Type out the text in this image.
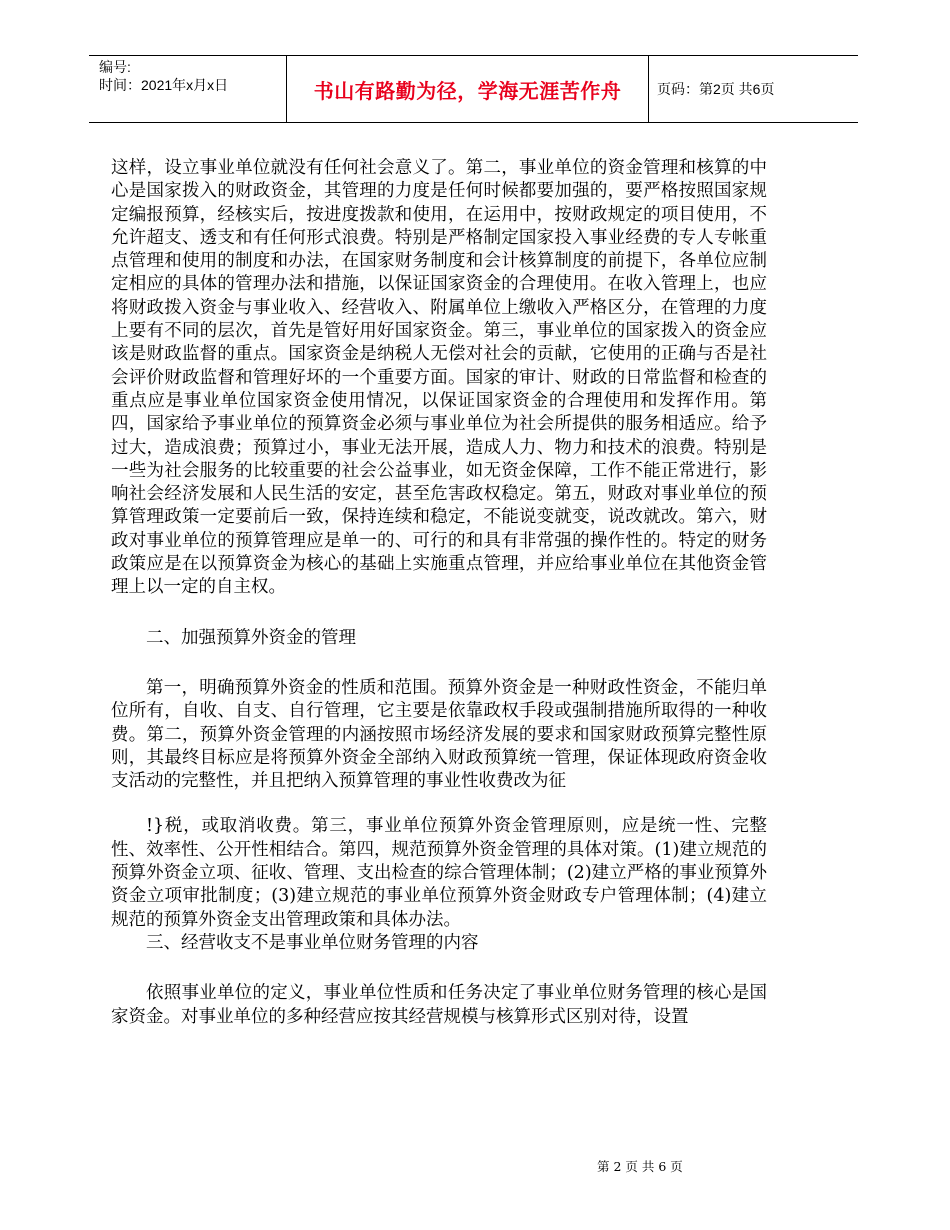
编号:
时间：2021年x月x日	书山有路勤为径，学海无涯苦作舟	页码：第2页 共6页

这样，设立事业单位就没有任何社会意义了。第二，事业单位的资金管理和核算的中心是国家拨入的财政资金，其管理的力度是任何时候都要加强的，要严格按照国家规定编报预算，经核实后，按进度拨款和使用，在运用中，按财政规定的项目使用，不允许超支、透支和有任何形式浪费。特别是严格制定国家投入事业经费的专人专帐重点管理和使用的制度和办法，在国家财务制度和会计核算制度的前提下，各单位应制定相应的具体的管理办法和措施，以保证国家资金的合理使用。在收入管理上，也应将财政拨入资金与事业收入、经营收入、附属单位上缴收入严格区分，在管理的力度上要有不同的层次，首先是管好用好国家资金。第三，事业单位的国家拨入的资金应该是财政监督的重点。国家资金是纳税人无偿对社会的贡献，它使用的正确与否是社会评价财政监督和管理好坏的一个重要方面。国家的审计、财政的日常监督和检查的重点应是事业单位国家资金使用情况，以保证国家资金的合理使用和发挥作用。第四，国家给予事业单位的预算资金必须与事业单位为社会所提供的服务相适应。给予过大，造成浪费；预算过小，事业无法开展，造成人力、物力和技术的浪费。特别是一些为社会服务的比较重要的社会公益事业，如无资金保障，工作不能正常进行，影响社会经济发展和人民生活的安定，甚至危害政权稳定。第五，财政对事业单位的预算管理政策一定要前后一致，保持连续和稳定，不能说变就变，说改就改。第六，财政对事业单位的预算管理应是单一的、可行的和具有非常强的操作性的。特定的财务政策应是在以预算资金为核心的基础上实施重点管理，并应给事业单位在其他资金管理上以一定的自主权。

二、加强预算外资金的管理

第一，明确预算外资金的性质和范围。预算外资金是一种财政性资金，不能归单位所有，自收、自支、自行管理，它主要是依靠政权手段或强制措施所取得的一种收费。第二，预算外资金管理的内涵按照市场经济发展的要求和国家财政预算完整性原则，其最终目标应是将预算外资金全部纳入财政预算统一管理，保证体现政府资金收支活动的完整性，并且把纳入预算管理的事业性收费改为征

!}税，或取消收费。第三，事业单位预算外资金管理原则，应是统一性、完整性、效率性、公开性相结合。第四，规范预算外资金管理的具体对策。(1)建立规范的预算外资金立项、征收、管理、支出检查的综合管理体制；(2)建立严格的事业预算外资金立项审批制度；(3)建立规范的事业单位预算外资金财政专户管理体制；(4)建立规范的预算外资金支出管理政策和具体办法。

三、经营收支不是事业单位财务管理的内容

依照事业单位的定义，事业单位性质和任务决定了事业单位财务管理的核心是国家资金。对事业单位的多种经营应按其经营规模与核算形式区别对待，设置

第 2 页 共 6 页
